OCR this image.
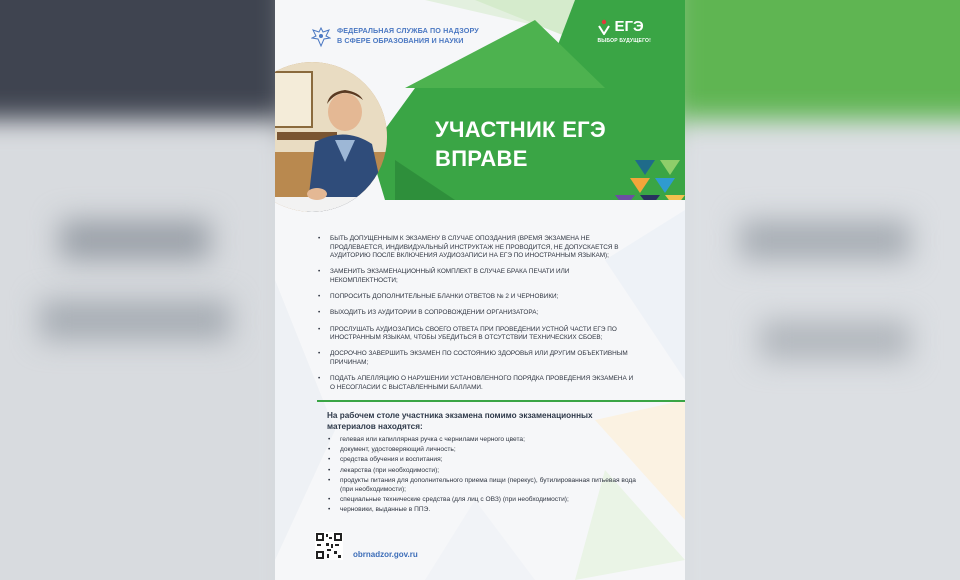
ФЕДЕРАЛЬНАЯ СЛУЖБА ПО НАДЗОРУ
В СФЕРЕ ОБРАЗОВАНИЯ И НАУКИ
ЕГЭ
ВЫБОР БУДУЩЕГО!
УЧАСТНИК ЕГЭ
ВПРАВЕ
• БЫТЬ ДОПУЩЕННЫМ К ЭКЗАМЕНУ В СЛУЧАЕ ОПОЗДАНИЯ (ВРЕМЯ ЭКЗАМЕНА НЕ ПРОДЛЕВАЕТСЯ, ИНДИВИДУАЛЬНЫЙ ИНСТРУКТАЖ НЕ ПРОВОДИТСЯ, НЕ ДОПУСКАЕТСЯ В АУДИТОРИЮ ПОСЛЕ ВКЛЮЧЕНИЯ АУДИОЗАПИСИ НА ЕГЭ ПО ИНОСТРАННЫМ ЯЗЫКАМ);
• ЗАМЕНИТЬ ЭКЗАМЕНАЦИОННЫЙ КОМПЛЕКТ В СЛУЧАЕ БРАКА ПЕЧАТИ ИЛИ НЕКОМПЛЕКТНОСТИ;
• ПОПРОСИТЬ ДОПОЛНИТЕЛЬНЫЕ БЛАНКИ ОТВЕТОВ № 2 И ЧЕРНОВИКИ;
• ВЫХОДИТЬ ИЗ АУДИТОРИИ В СОПРОВОЖДЕНИИ ОРГАНИЗАТОРА;
• ПРОСЛУШАТЬ АУДИОЗАПИСЬ СВОЕГО ОТВЕТА ПРИ ПРОВЕДЕНИИ УСТНОЙ ЧАСТИ ЕГЭ ПО ИНОСТРАННЫМ ЯЗЫКАМ, ЧТОБЫ УБЕДИТЬСЯ В ОТСУТСТВИИ ТЕХНИЧЕСКИХ СБОЕВ;
• ДОСРОЧНО ЗАВЕРШИТЬ ЭКЗАМЕН ПО СОСТОЯНИЮ ЗДОРОВЬЯ ИЛИ ДРУГИМ ОБЪЕКТИВНЫМ ПРИЧИНАМ;
• ПОДАТЬ АПЕЛЛЯЦИЮ О НАРУШЕНИИ УСТАНОВЛЕННОГО ПОРЯДКА ПРОВЕДЕНИЯ ЭКЗАМЕНА И О НЕСОГЛАСИИ С ВЫСТАВЛЕННЫМИ БАЛЛАМИ.
На рабочем столе участника экзамена помимо экзаменационных материалов находятся:
• гелевая или капиллярная ручка с чернилами черного цвета;
• документ, удостоверяющий личность;
• средства обучения и воспитания;
• лекарства (при необходимости);
• продукты питания для дополнительного приема пищи (перекус), бутилированная питьевая вода (при необходимости);
• специальные технические средства (для лиц с ОВЗ) (при необходимости);
• черновики, выданные в ППЭ.
obrnadzor.gov.ru
